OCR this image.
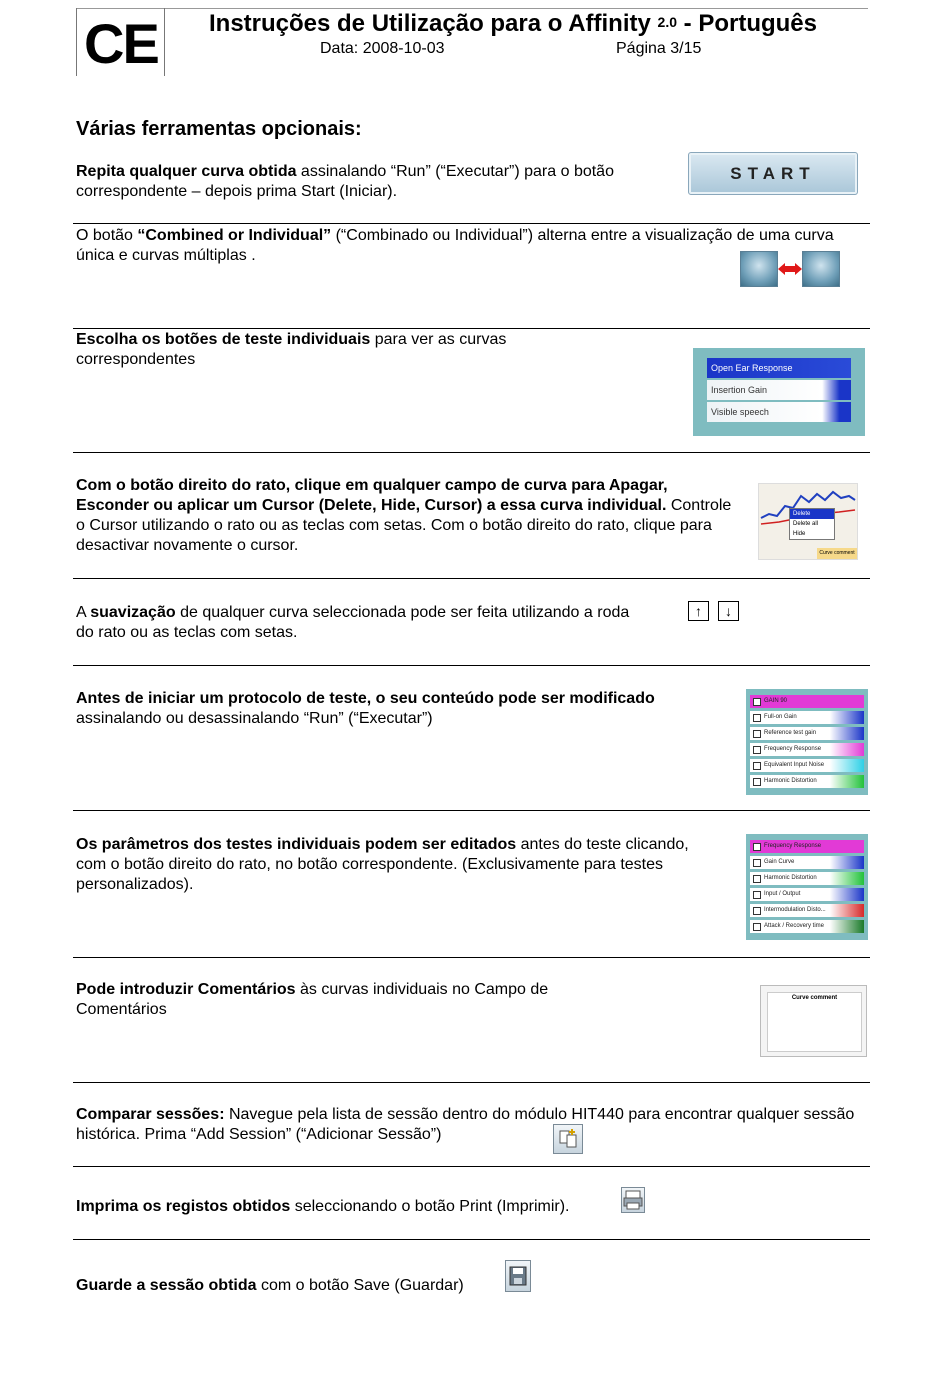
CE	Instruções de Utilização para o Affinity $^{2.0}$ - Português
Data: 2008-10-03	Página 3/15
Várias ferramentas opcionais:
Repita qualquer curva obtida assinalando “Run” (“Executar”) para o botão correspondente – depois prima Start (Iniciar).
START
O botão “Combined or Individual” (“Combinado ou Individual”) alterna entre a visualização de uma curva única e curvas múltiplas .
Escolha os botões de teste individuais para ver as curvas correspondentes	Open Ear Response
Insertion Gain
Visible speech
Com o botão direito do rato, clique em qualquer campo de curva para Apagar, Esconder ou aplicar um Cursor (Delete, Hide, Cursor) a essa curva individual. Controle o Cursor utilizando o rato ou as teclas com setas. Com o botão direito do rato, clique para desactivar novamente o cursor.
Delete
Delete all
Hide
Curve comment
A suavização de qualquer curva seleccionada pode ser feita utilizando a roda
do rato ou as teclas com setas.
↑	↓
Antes de iniciar um protocolo de teste, o seu conteúdo pode ser modificado assinalando ou desassinalando “Run” (“Executar”)
GAIN 90
Full-on Gain
Reference test gain
Frequency Response
Equivalent Input Noise
Harmonic Distortion
Os parâmetros dos testes individuais podem ser editados antes do teste clicando, com o botão direito do rato, no botão correspondente. (Exclusivamente para testes personalizados).
Frequency Response
Gain Curve
Harmonic Distortion
Input / Output
Intermodulation Disto...
Attack / Recovery time
Pode introduzir Comentários às curvas individuais no Campo de Comentários
Curve comment
Comparar sessões: Navegue pela lista de sessão dentro do módulo HIT440 para encontrar qualquer sessão histórica. Prima “Add Session” (“Adicionar Sessão”)
Imprima os registos obtidos seleccionando o botão Print (Imprimir).
Guarde a sessão obtida com o botão Save (Guardar)
